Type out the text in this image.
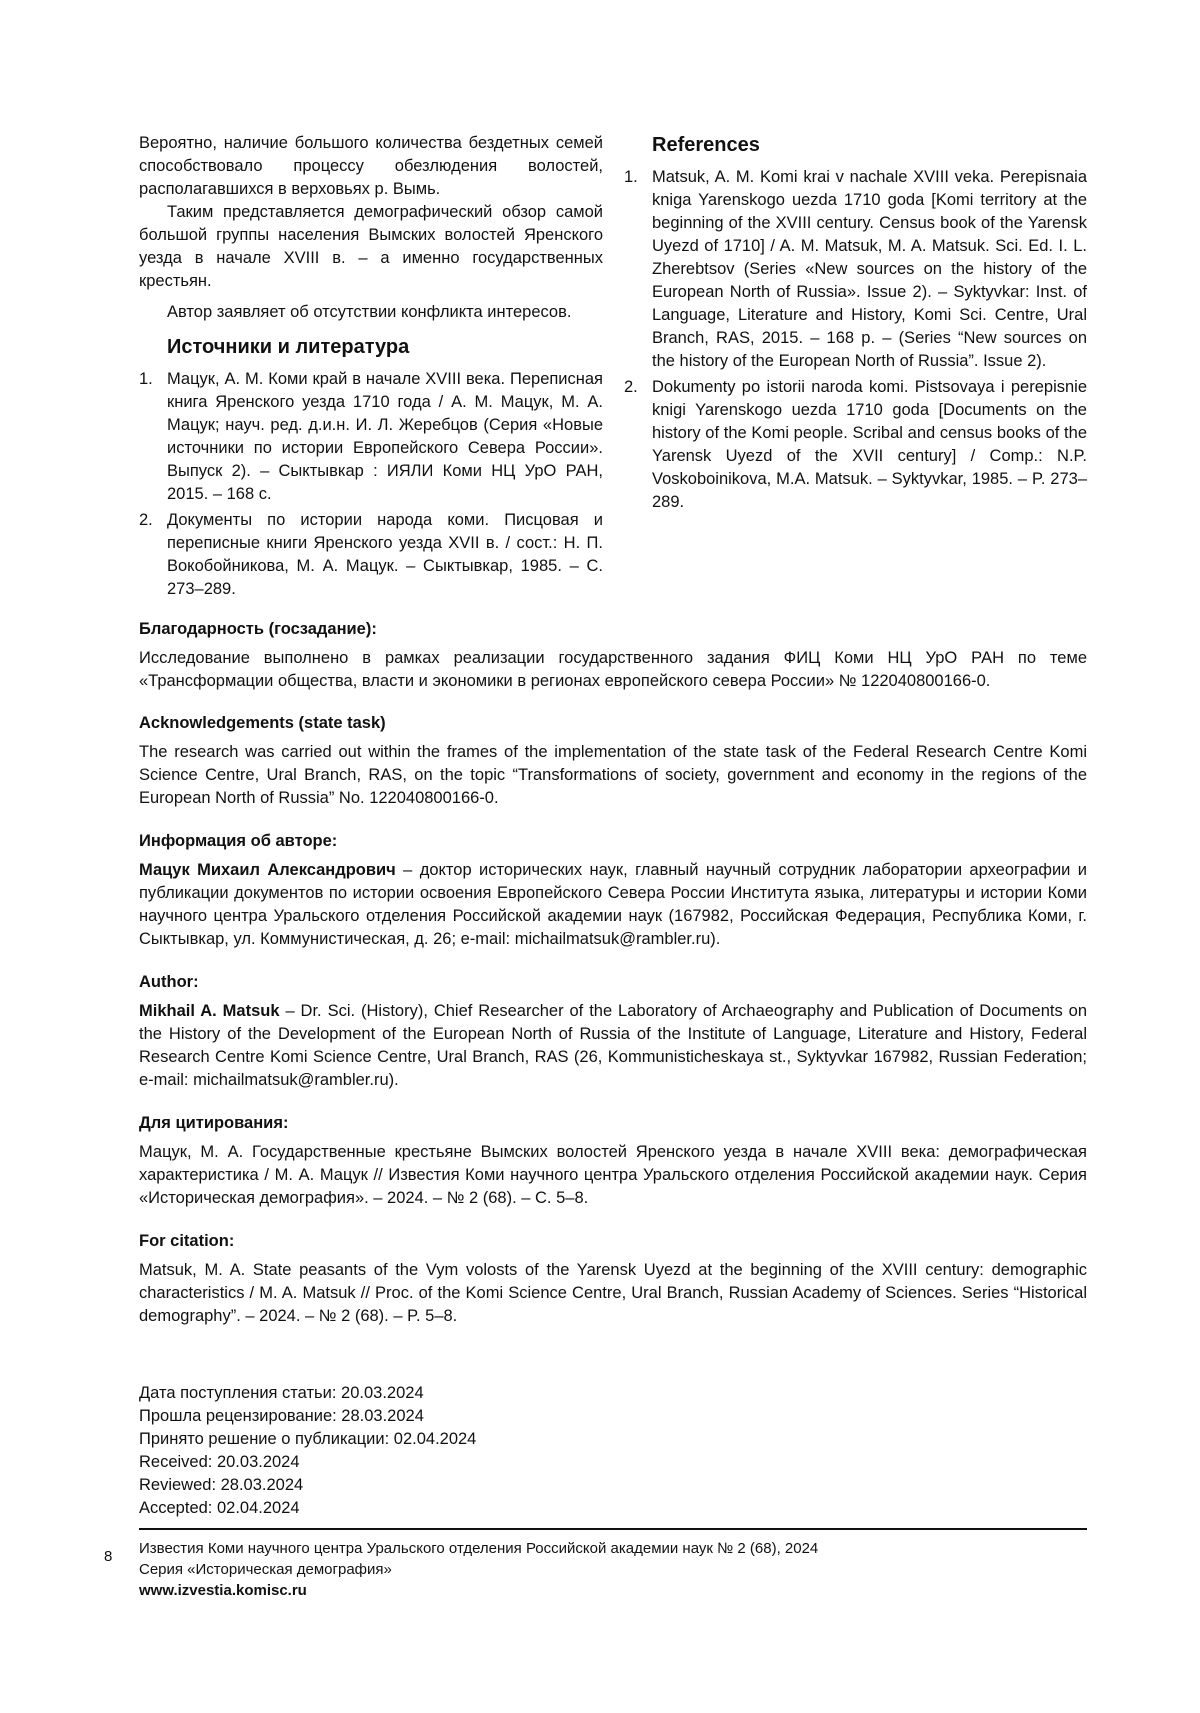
Вероятно, наличие большого количества бездетных семей способствовало процессу обезлюдения волостей, располагавшихся в верховьях р. Вымь.

Таким представляется демографический обзор самой большой группы населения Вымских волостей Яренского уезда в начале XVIII в. – а именно государственных крестьян.

Автор заявляет об отсутствии конфликта интересов.

Источники и литература
1. Мацук, А. М. Коми край в начале XVIII века. Переписная книга Яренского уезда 1710 года / А. М. Мацук, М. А. Мацук; науч. ред. д.и.н. И. Л. Жеребцов (Серия «Новые источники по истории Европейского Севера России». Выпуск 2). – Сыктывкар : ИЯЛИ Коми НЦ УрО РАН, 2015. – 168 с.
2. Документы по истории народа коми. Писцовая и переписные книги Яренского уезда XVII в. / сост.: Н. П. Вокобойникова, М. А. Мацук. – Сыктывкар, 1985. – С. 273–289.
References
1. Matsuk, A. M. Komi krai v nachale XVIII veka. Perepisnaia kniga Yarenskogo uezda 1710 goda [Komi territory at the beginning of the XVIII century. Census book of the Yarensk Uyezd of 1710] / A. M. Matsuk, M. A. Matsuk. Sci. Ed. I. L. Zherebtsov (Series «New sources on the history of the European North of Russia». Issue 2). – Syktyvkar: Inst. of Language, Literature and History, Komi Sci. Centre, Ural Branch, RAS, 2015. – 168 p. – (Series “New sources on the history of the European North of Russia”. Issue 2).
2. Dokumenty po istorii naroda komi. Pistsovaya i perepisnie knigi Yarenskogo uezda 1710 goda [Documents on the history of the Komi people. Scribal and census books of the Yarensk Uyezd of the XVII century] / Comp.: N.P. Voskoboinikova, M.A. Matsuk. – Syktyvkar, 1985. – P. 273–289.
Благодарность (госзадание):

Исследование выполнено в рамках реализации государственного задания ФИЦ Коми НЦ УрО РАН по теме «Трансформации общества, власти и экономики в регионах европейского севера России» № 122040800166-0.

Acknowledgements (state task)

The research was carried out within the frames of the implementation of the state task of the Federal Research Centre Komi Science Centre, Ural Branch, RAS, on the topic “Transformations of society, government and economy in the regions of the European North of Russia” No. 122040800166-0.

Информация об авторе:

Мацук Михаил Александрович – доктор исторических наук, главный научный сотрудник лаборатории археографии и публикации документов по истории освоения Европейского Севера России Института языка, литературы и истории Коми научного центра Уральского отделения Российской академии наук (167982, Российская Федерация, Республика Коми, г. Сыктывкар, ул. Коммунистическая, д. 26; e-mail: michailmatsuk@rambler.ru).

Author:

Mikhail A. Matsuk – Dr. Sci. (History), Chief Researcher of the Laboratory of Archaeography and Publication of Documents on the History of the Development of the European North of Russia of the Institute of Language, Literature and History, Federal Research Centre Komi Science Centre, Ural Branch, RAS (26, Kommunisticheskaya st., Syktyvkar 167982, Russian Federation; e-mail: michailmatsuk@rambler.ru).

Для цитирования:

Мацук, М. А. Государственные крестьяне Вымских волостей Яренского уезда в начале XVIII века: демографическая характеристика / М. А. Мацук // Известия Коми научного центра Уральского отделения Российской академии наук. Серия «Историческая демография». – 2024. – № 2 (68). – С. 5–8.

For citation:

Matsuk, M. A. State peasants of the Vym volosts of the Yarensk Uyezd at the beginning of the XVIII century: demographic characteristics / M. A. Matsuk // Proc. of the Komi Science Centre, Ural Branch, Russian Academy of Sciences. Series “Historical demography”. – 2024. – № 2 (68). – P. 5–8.

Дата поступления статьи: 20.03.2024
Прошла рецензирование: 28.03.2024
Принято решение о публикации: 02.04.2024
Received: 20.03.2024
Reviewed: 28.03.2024
Accepted: 02.04.2024
8 Известия Коми научного центра Уральского отделения Российской академии наук № 2 (68), 2024
Серия «Историческая демография»
www.izvestia.komisc.ru
